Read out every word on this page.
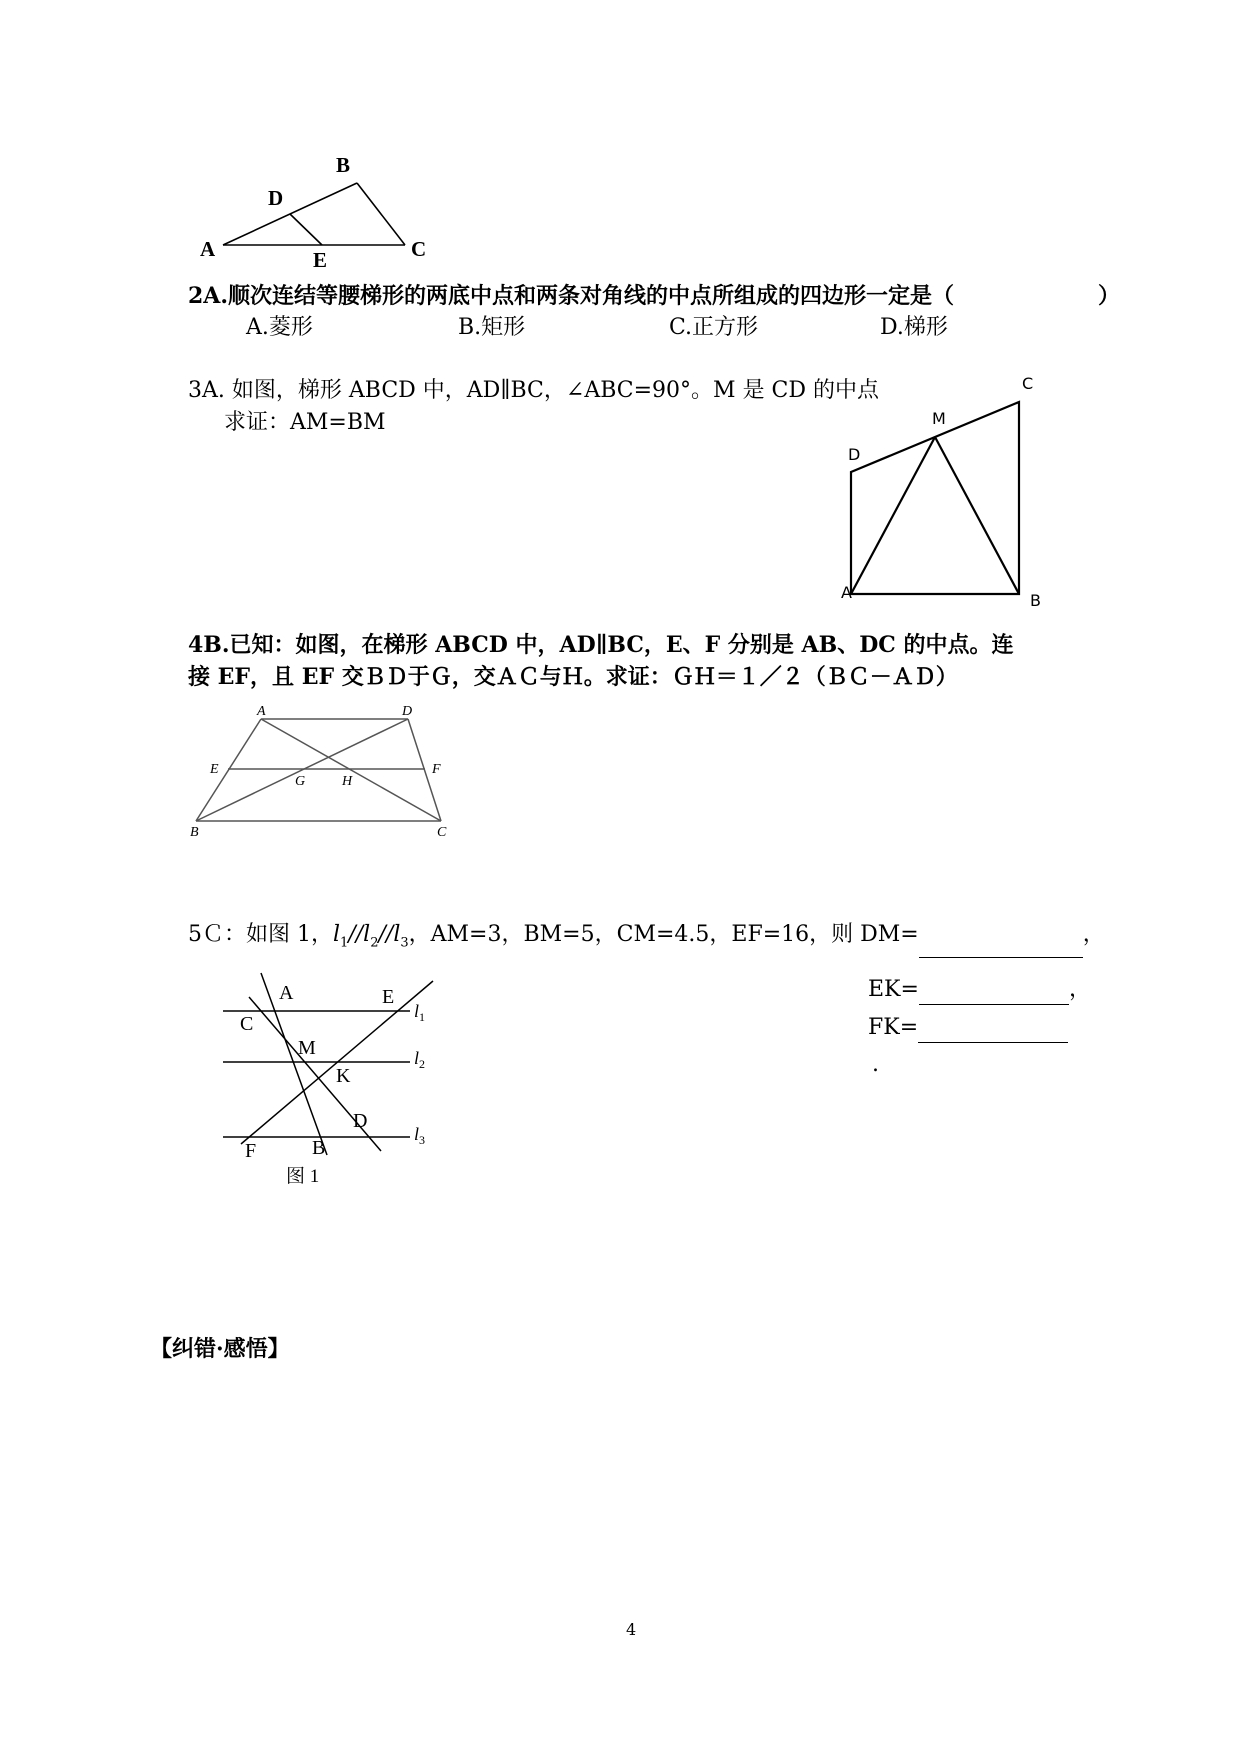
B
D
A	C
E
2A.顺次连结等腰梯形的两底中点和两条对角线的中点所组成的四边形一定是（	）
A.菱形	B.矩形	C.正方形	D.梯形
3A. 如图，梯形 ABCD 中，AD∥BC，∠ABC=90°。M 是 CD 的中点
求证：AM=BM
C
M
D
A	B
4B.已知：如图，在梯形 ABCD 中，AD∥BC，E、F 分别是 AB、DC 的中点。连
接 EF，且 EF 交ＢＤ于Ｇ，交ＡＣ与Ｈ。求证：ＧＨ＝１／２（ＢＣ－ＡＤ）
A	D
E	F
G	H
B	C
5Ｃ：如图 1，$l_1//l_2//l_3$，AM=3，BM=5，CM=4.5，EF=16，则 DM=	，
EK=	，
FK=
.
A	E
C
M
K
D
F	B
$l_1$
$l_2$
$l_3$
图 1
【纠错·感悟】
4
